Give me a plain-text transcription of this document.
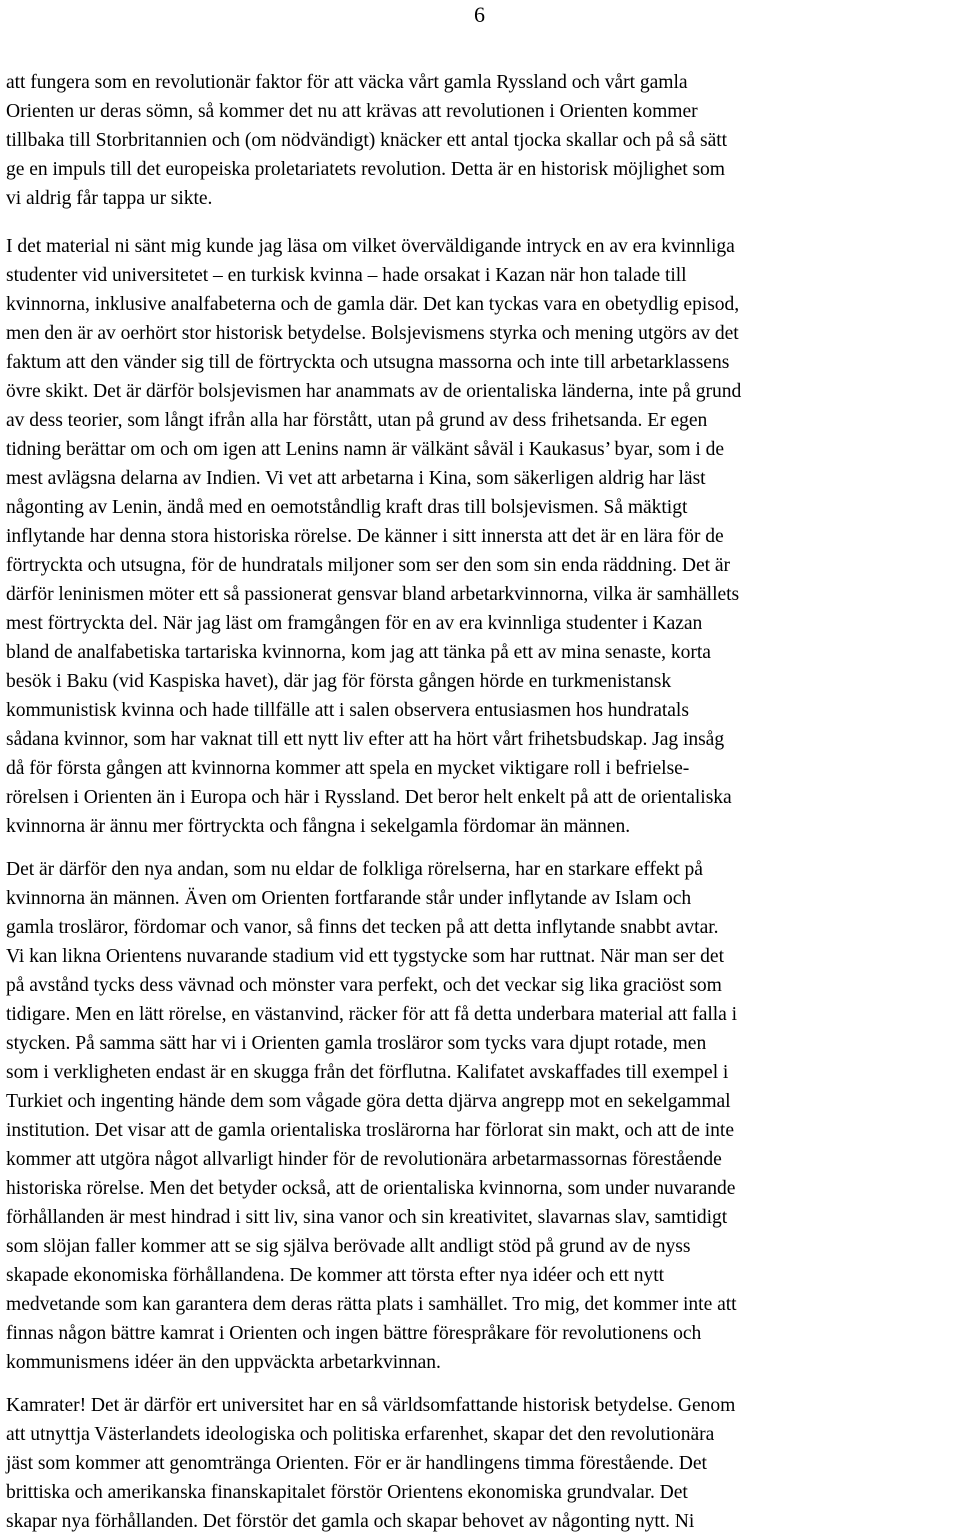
6

att fungera som en revolutionär faktor för att väcka vårt gamla Ryssland och vårt gamla
Orienten ur deras sömn, så kommer det nu att krävas att revolutionen i Orienten kommer
tillbaka till Storbritannien och (om nödvändigt) knäcker ett antal tjocka skallar och på så sätt
ge en impuls till det europeiska proletariatets revolution. Detta är en historisk möjlighet som
vi aldrig får tappa ur sikte.

I det material ni sänt mig kunde jag läsa om vilket överväldigande intryck en av era kvinnliga
studenter vid universitetet – en turkisk kvinna – hade orsakat i Kazan när hon talade till
kvinnorna, inklusive analfabeterna och de gamla där. Det kan tyckas vara en obetydlig episod,
men den är av oerhört stor historisk betydelse. Bolsjevismens styrka och mening utgörs av det
faktum att den vänder sig till de förtryckta och utsugna massorna och inte till arbetarklassens
övre skikt. Det är därför bolsjevismen har anammats av de orientaliska länderna, inte på grund
av dess teorier, som långt ifrån alla har förstått, utan på grund av dess frihetsanda. Er egen
tidning berättar om och om igen att Lenins namn är välkänt såväl i Kaukasus’ byar, som i de
mest avlägsna delarna av Indien. Vi vet att arbetarna i Kina, som säkerligen aldrig har läst
någonting av Lenin, ändå med en oemotståndlig kraft dras till bolsjevismen. Så mäktigt
inflytande har denna stora historiska rörelse. De känner i sitt innersta att det är en lära för de
förtryckta och utsugna, för de hundratals miljoner som ser den som sin enda räddning. Det är
därför leninismen möter ett så passionerat gensvar bland arbetarkvinnorna, vilka är samhällets
mest förtryckta del. När jag läst om framgången för en av era kvinnliga studenter i Kazan
bland de analfabetiska tartariska kvinnorna, kom jag att tänka på ett av mina senaste, korta
besök i Baku (vid Kaspiska havet), där jag för första gången hörde en turkmenistansk
kommunistisk kvinna och hade tillfälle att i salen observera entusiasmen hos hundratals
sådana kvinnor, som har vaknat till ett nytt liv efter att ha hört vårt frihetsbudskap. Jag insåg
då för första gången att kvinnorna kommer att spela en mycket viktigare roll i befrielse-
rörelsen i Orienten än i Europa och här i Ryssland. Det beror helt enkelt på att de orientaliska
kvinnorna är ännu mer förtryckta och fångna i sekelgamla fördomar än männen.

Det är därför den nya andan, som nu eldar de folkliga rörelserna, har en starkare effekt på
kvinnorna än männen. Även om Orienten fortfarande står under inflytande av Islam och
gamla trosläror, fördomar och vanor, så finns det tecken på att detta inflytande snabbt avtar.
Vi kan likna Orientens nuvarande stadium vid ett tygstycke som har ruttnat. När man ser det
på avstånd tycks dess vävnad och mönster vara perfekt, och det veckar sig lika graciöst som
tidigare. Men en lätt rörelse, en västanvind, räcker för att få detta underbara material att falla i
stycken. På samma sätt har vi i Orienten gamla trosläror som tycks vara djupt rotade, men
som i verkligheten endast är en skugga från det förflutna. Kalifatet avskaffades till exempel i
Turkiet och ingenting hände dem som vågade göra detta djärva angrepp mot en sekelgammal
institution. Det visar att de gamla orientaliska troslärorna har förlorat sin makt, och att de inte
kommer att utgöra något allvarligt hinder för de revolutionära arbetarmassornas förestående
historiska rörelse. Men det betyder också, att de orientaliska kvinnorna, som under nuvarande
förhållanden är mest hindrad i sitt liv, sina vanor och sin kreativitet, slavarnas slav, samtidigt
som slöjan faller kommer att se sig själva berövade allt andligt stöd på grund av de nyss
skapade ekonomiska förhållandena. De kommer att törsta efter nya idéer och ett nytt
medvetande som kan garantera dem deras rätta plats i samhället. Tro mig, det kommer inte att
finnas någon bättre kamrat i Orienten och ingen bättre förespråkare för revolutionens och
kommunismens idéer än den uppväckta arbetarkvinnan.

Kamrater! Det är därför ert universitet har en så världsomfattande historisk betydelse. Genom
att utnyttja Västerlandets ideologiska och politiska erfarenhet, skapar det den revolutionära
jäst som kommer att genomtränga Orienten. För er är handlingens timma förestående. Det
brittiska och amerikanska finanskapitalet förstör Orientens ekonomiska grundvalar. Det
skapar nya förhållanden. Det förstör det gamla och skapar behovet av någonting nytt. Ni
